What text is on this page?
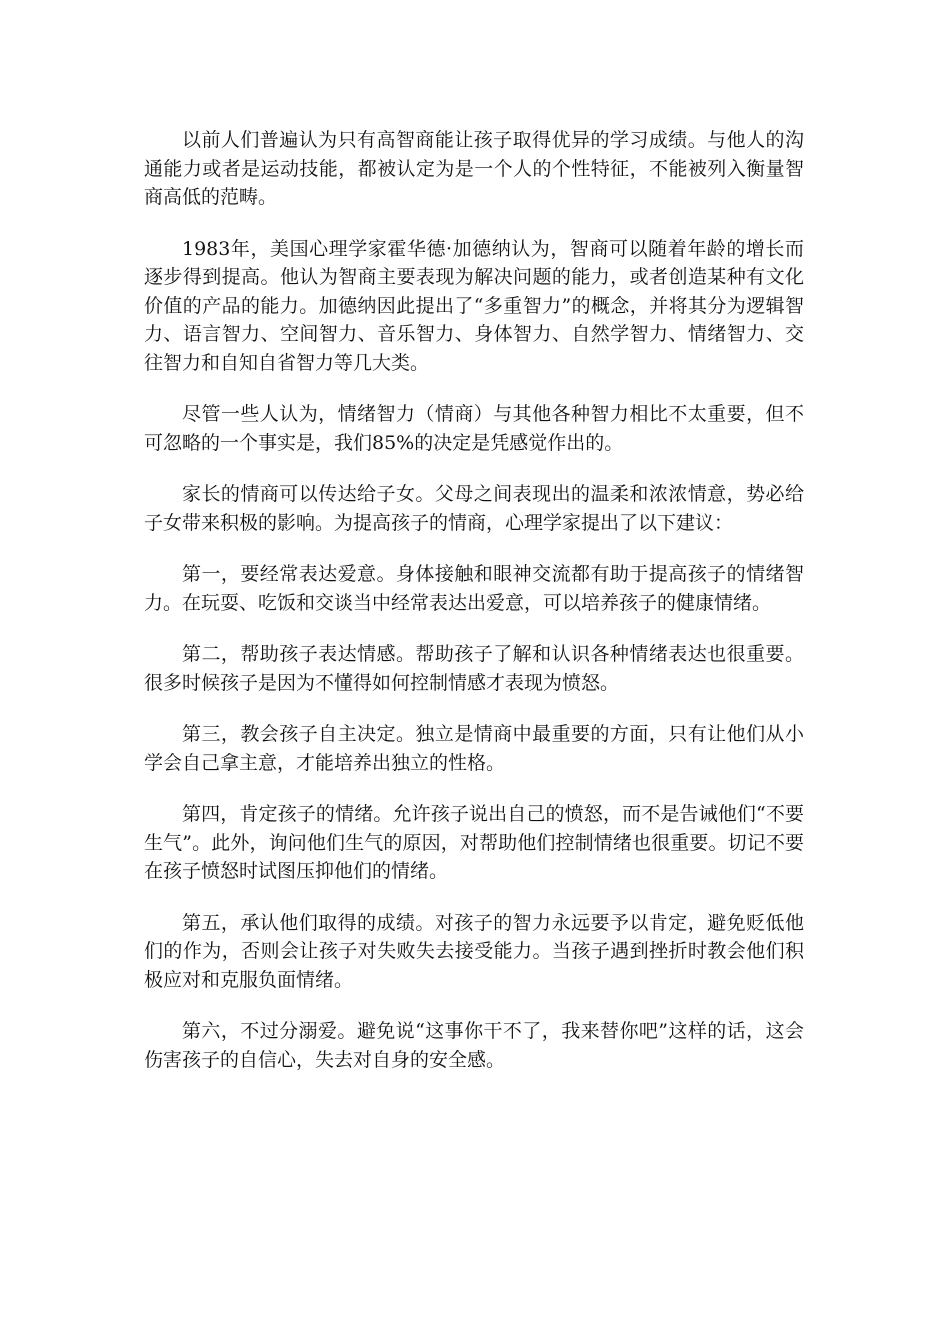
以前人们普遍认为只有高智商能让孩子取得优异的学习成绩。与他人的沟通能力或者是运动技能，都被认定为是一个人的个性特征，不能被列入衡量智商高低的范畴。

1983年，美国心理学家霍华德·加德纳认为，智商可以随着年龄的增长而逐步得到提高。他认为智商主要表现为解决问题的能力，或者创造某种有文化价值的产品的能力。加德纳因此提出了“多重智力”的概念，并将其分为逻辑智力、语言智力、空间智力、音乐智力、身体智力、自然学智力、情绪智力、交往智力和自知自省智力等几大类。

尽管一些人认为，情绪智力（情商）与其他各种智力相比不太重要，但不可忽略的一个事实是，我们85%的决定是凭感觉作出的。

家长的情商可以传达给子女。父母之间表现出的温柔和浓浓情意，势必给子女带来积极的影响。为提高孩子的情商，心理学家提出了以下建议：

第一，要经常表达爱意。身体接触和眼神交流都有助于提高孩子的情绪智力。在玩耍、吃饭和交谈当中经常表达出爱意，可以培养孩子的健康情绪。

第二，帮助孩子表达情感。帮助孩子了解和认识各种情绪表达也很重要。很多时候孩子是因为不懂得如何控制情感才表现为愤怒。

第三，教会孩子自主决定。独立是情商中最重要的方面，只有让他们从小学会自己拿主意，才能培养出独立的性格。

第四，肯定孩子的情绪。允许孩子说出自己的愤怒，而不是告诫他们“不要生气”。此外，询问他们生气的原因，对帮助他们控制情绪也很重要。切记不要在孩子愤怒时试图压抑他们的情绪。

第五，承认他们取得的成绩。对孩子的智力永远要予以肯定，避免贬低他们的作为，否则会让孩子对失败失去接受能力。当孩子遇到挫折时教会他们积极应对和克服负面情绪。

第六，不过分溺爱。避免说“这事你干不了，我来替你吧”这样的话，这会伤害孩子的自信心，失去对自身的安全感。
